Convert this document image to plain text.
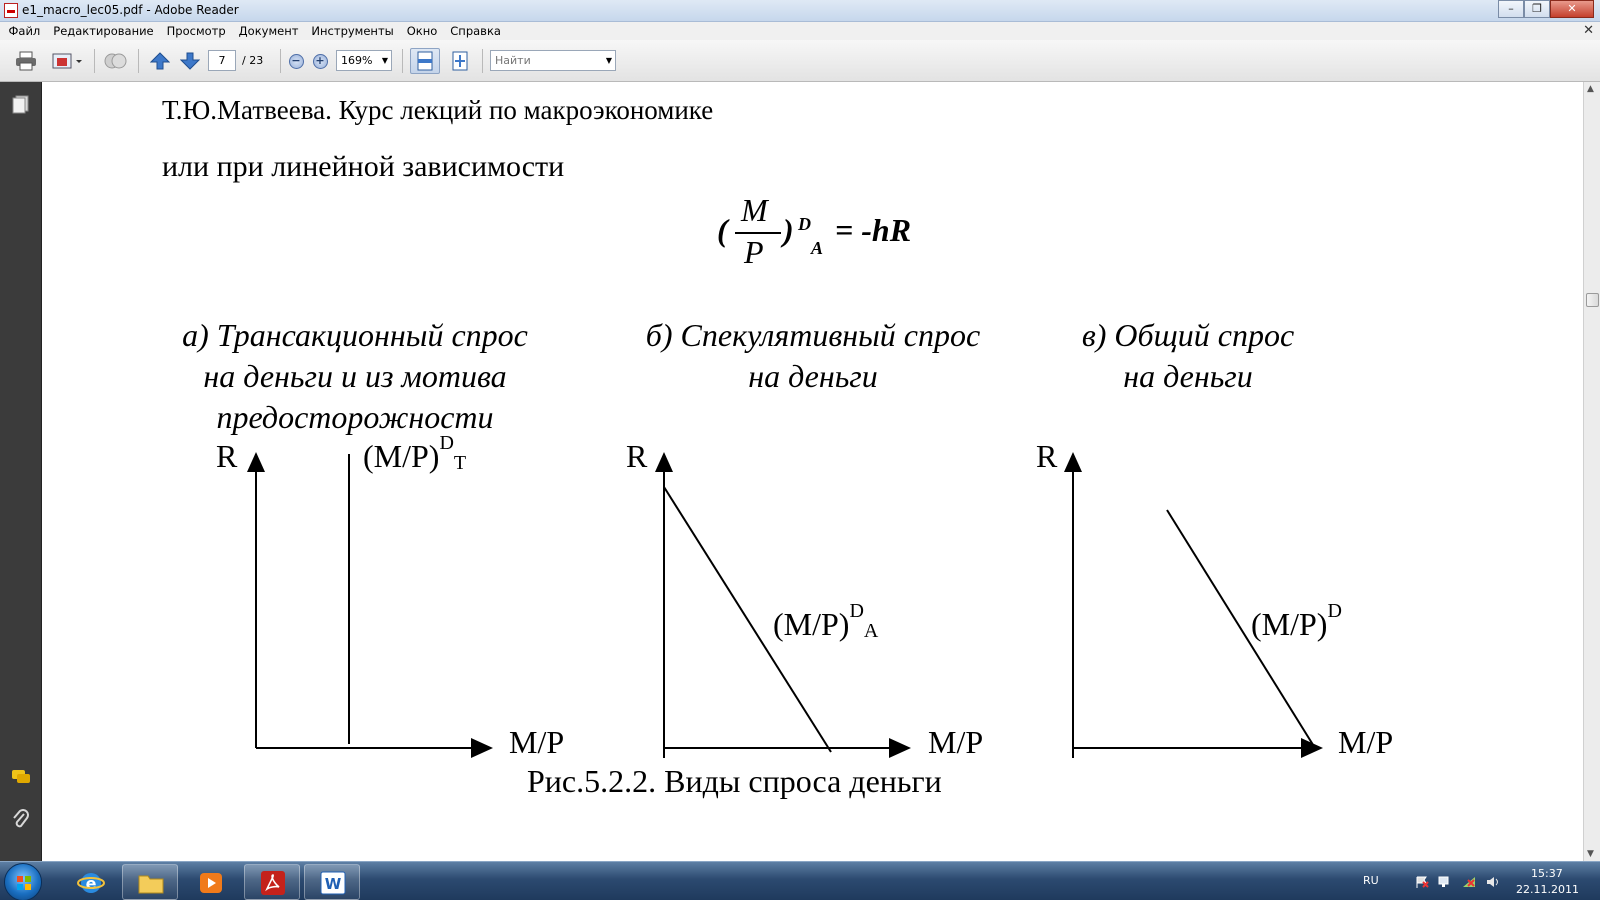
e1_macro_lec05.pdf - Adobe Reader	–	❐	✕
Файл	Редактирование	Просмотр	Документ	Инструменты	Окно	Справка	✕
7	/ 23	− +	169% ▼	Найти	▼
▲
▼
Т.Ю.Матвеева. Курс лекций по макроэкономике
или при линейной зависимости
(
M
P
) D
A = -hR
а) Трансакционный спрос
на деньги и из мотива
предосторожности
б) Спекулятивный спрос
на деньги
в) Общий спрос
на деньги
R
M/P
R
M/P
R
M/P
$(M/P)^D_T$
$(M/P)^D_A$	$(M/P)^D$
Рис.5.2.2. Виды спроса деньги
e	W	RU
15:37
22.11.2011
